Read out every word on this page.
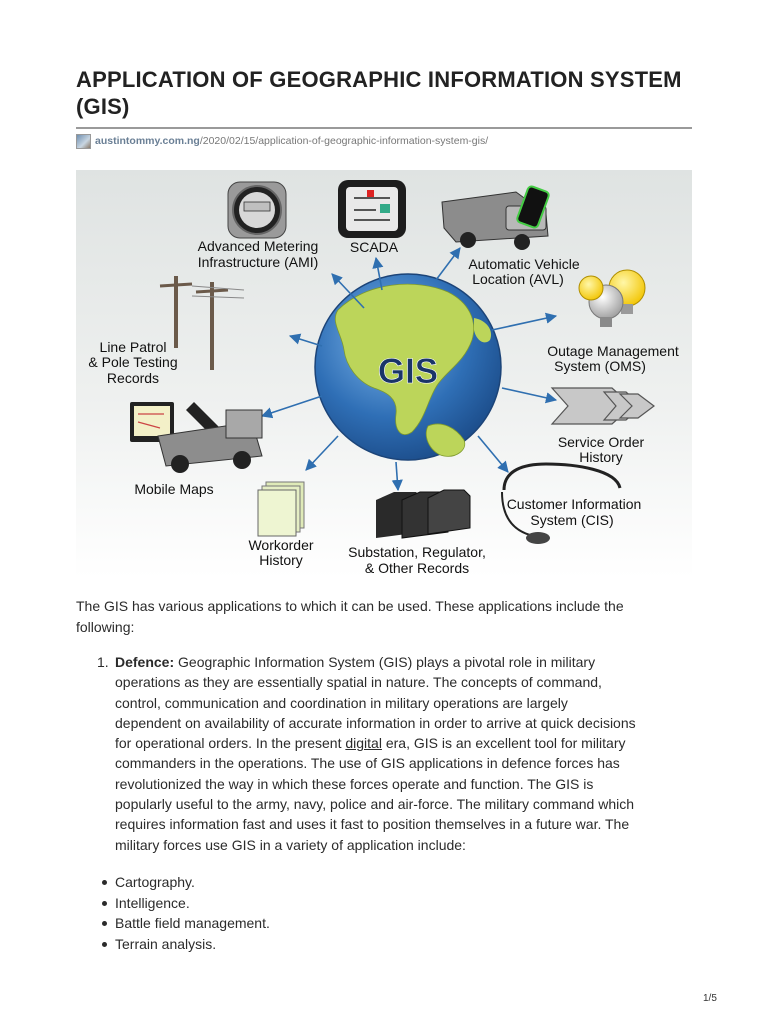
APPLICATION OF GEOGRAPHIC INFORMATION SYSTEM (GIS)
austintommy.com.ng/2020/02/15/application-of-geographic-information-system-gis/
GIS
Advanced Metering
Infrastructure (AMI)
SCADA
Automatic Vehicle
Location (AVL)
Line Patrol
& Pole Testing
Records
Outage Management
System (OMS)
Service Order
History
Mobile Maps
Customer Information
System (CIS)
Workorder
History	Substation, Regulator,
& Other Records

The GIS has various applications to which it can be used. These applications include the
following:

1. Defence: Geographic Information System (GIS) plays a pivotal role in military
operations as they are essentially spatial in nature. The concepts of command,
control, communication and coordination in military operations are largely
dependent on availability of accurate information in order to arrive at quick decisions
for operational orders. In the present digital era, GIS is an excellent tool for military
commanders in the operations. The use of GIS applications in defence forces has
revolutionized the way in which these forces operate and function. The GIS is
popularly useful to the army, navy, police and air-force. The military command which
requires information fast and uses it fast to position themselves in a future war. The
military forces use GIS in a variety of application include:
Cartography.
Intelligence.
Battle field management.
Terrain analysis.
1/5
